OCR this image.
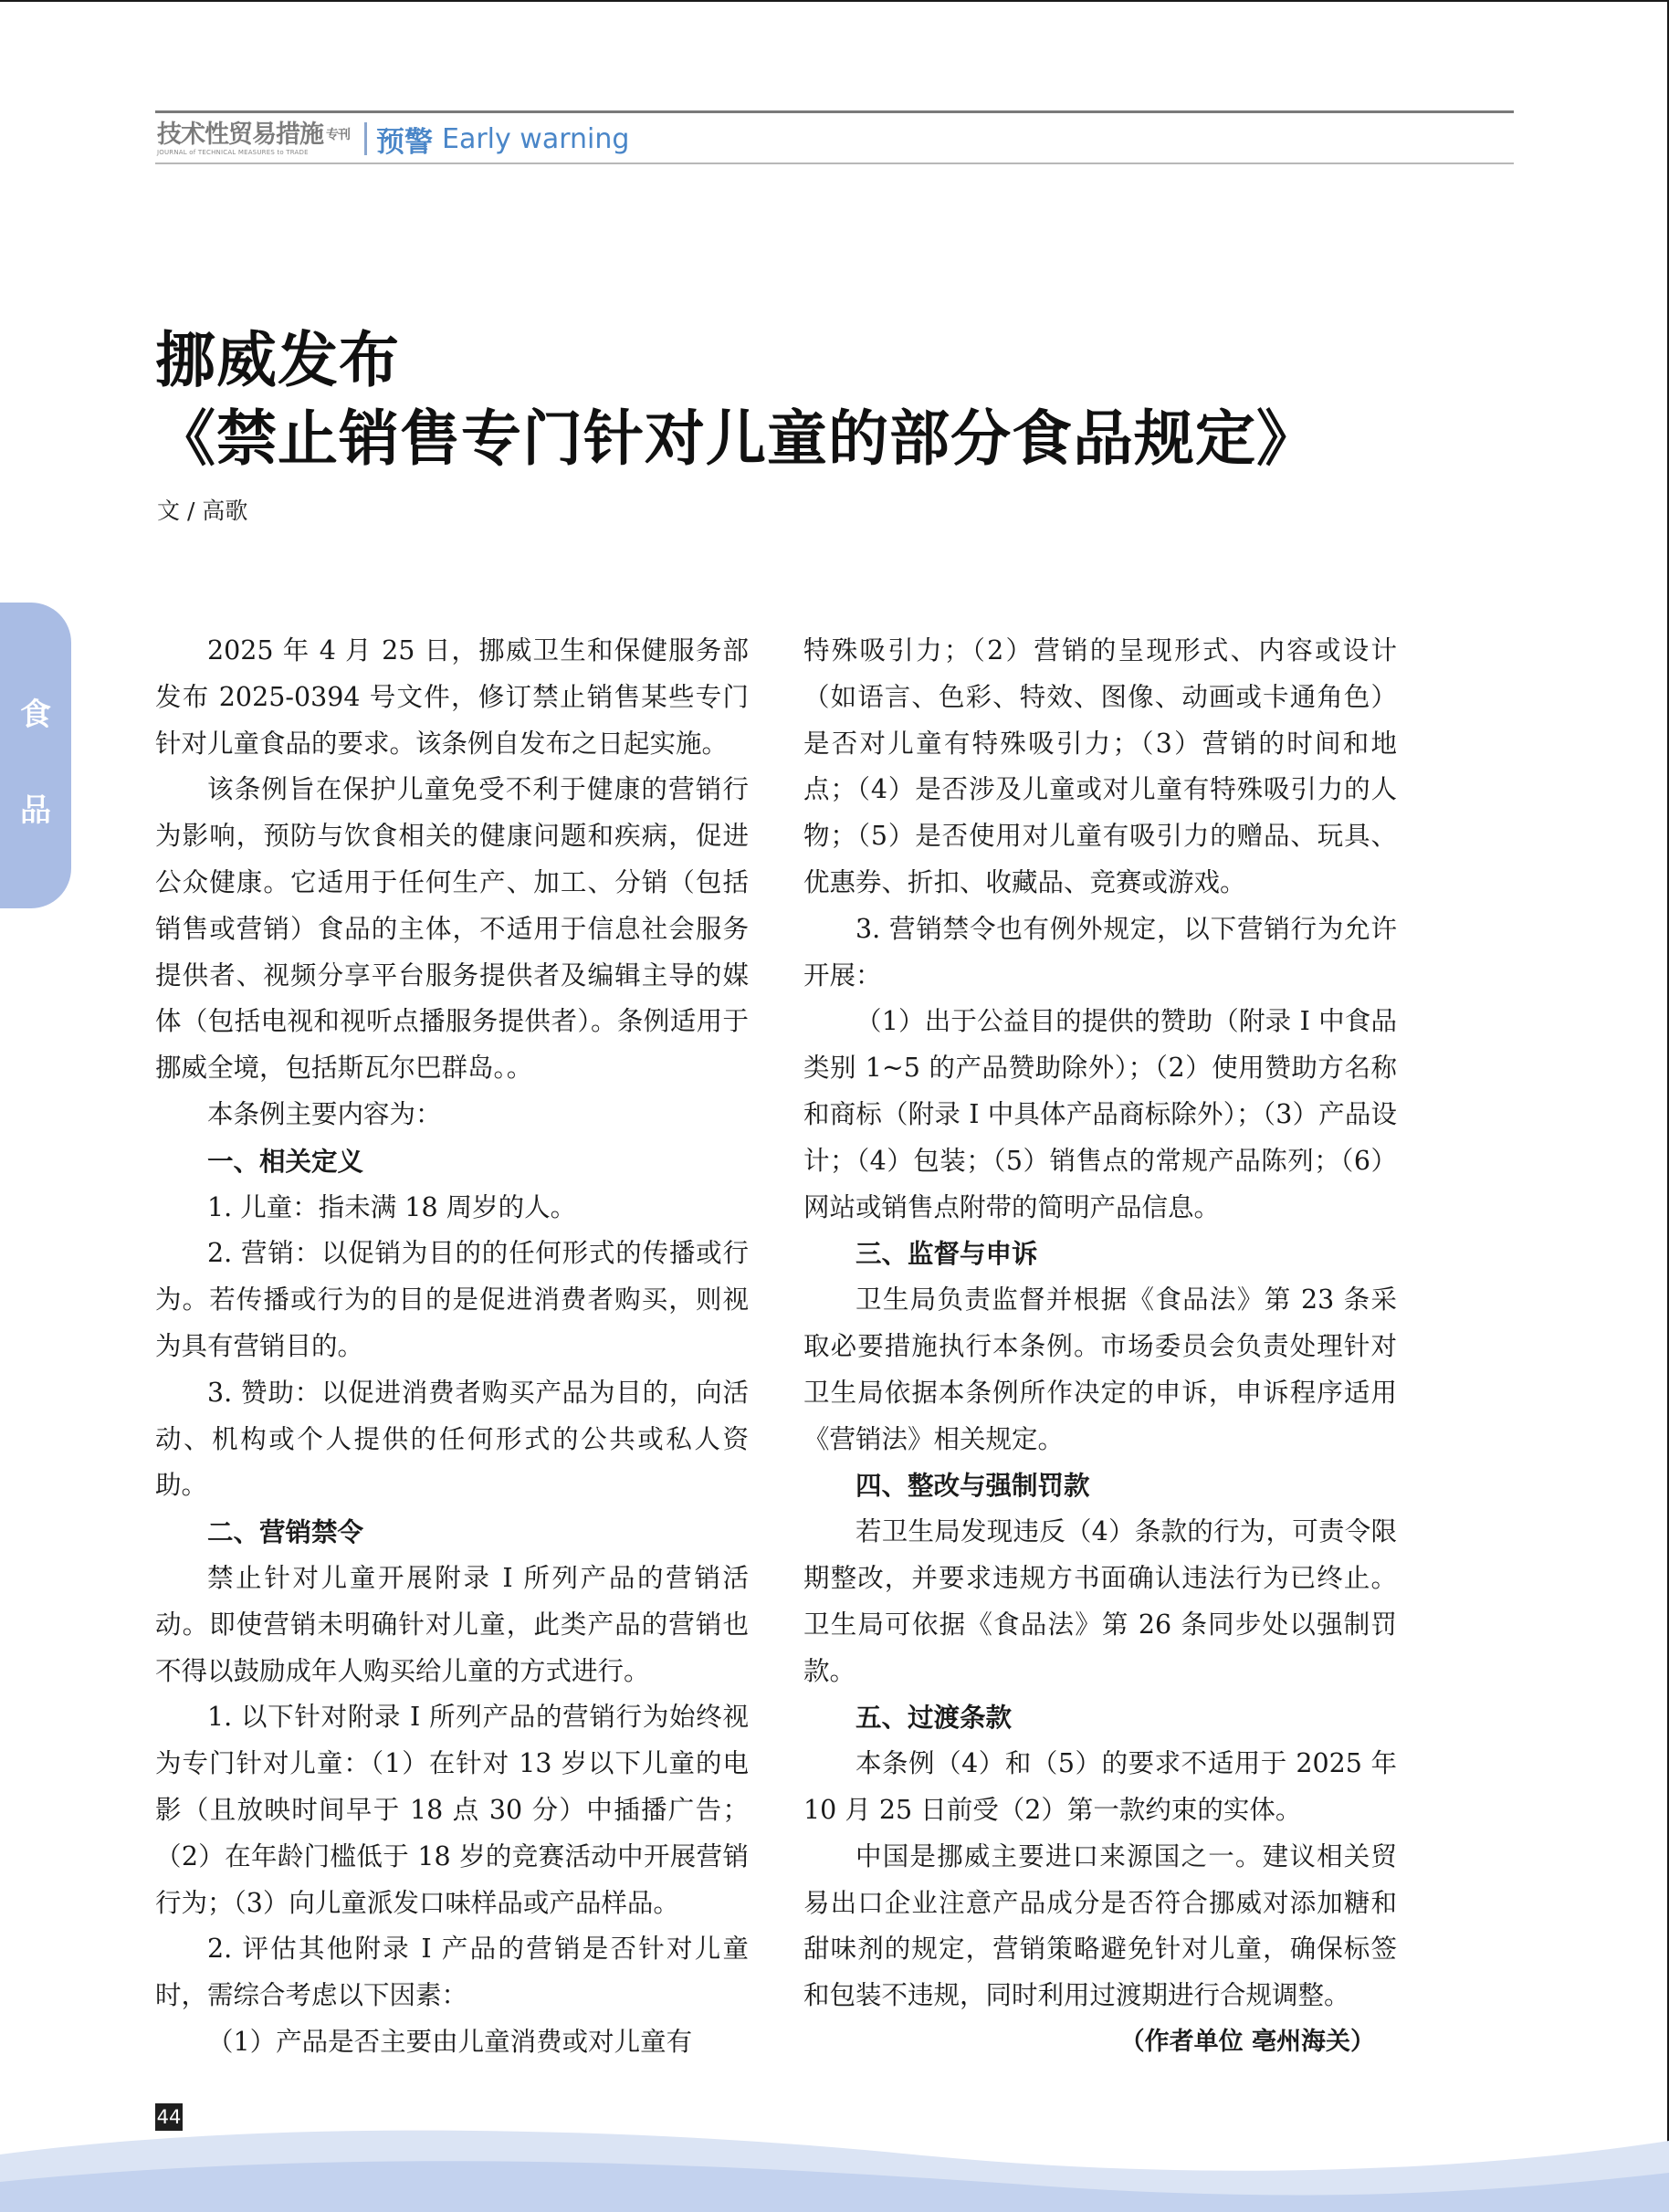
技术性贸易措施 $^{专刊}$
JOURNAL of TECHNICAL MEASURES to TRADE	预警 Early warning
挪威发布
《禁止销售专门针对儿童的部分食品规定》
文 / 高歌
食
品

2025 年 4 月 25 日，挪威卫生和保健服务部发布 2025-0394 号文件，修订禁止销售某些专门针对儿童食品的要求。该条例自发布之日起实施。

该条例旨在保护儿童免受不利于健康的营销行为影响，预防与饮食相关的健康问题和疾病，促进公众健康。它适用于任何生产、加工、分销（包括销售或营销）食品的主体，不适用于信息社会服务提供者、视频分享平台服务提供者及编辑主导的媒体（包括电视和视听点播服务提供者）。条例适用于挪威全境，包括斯瓦尔巴群岛。。

本条例主要内容为：

一、相关定义

1. 儿童：指未满 18 周岁的人。

2. 营销：以促销为目的的任何形式的传播或行为。若传播或行为的目的是促进消费者购买，则视为具有营销目的。

3. 赞助：以促进消费者购买产品为目的，向活动、机构或个人提供的任何形式的公共或私人资助。

二、营销禁令

禁止针对儿童开展附录 I 所列产品的营销活动。即使营销未明确针对儿童，此类产品的营销也不得以鼓励成年人购买给儿童的方式进行。

1. 以下针对附录 I 所列产品的营销行为始终视为专门针对儿童：（1）在针对 13 岁以下儿童的电影（且放映时间早于 18 点 30 分）中插播广告；（2）在年龄门槛低于 18 岁的竞赛活动中开展营销行为；（3）向儿童派发口味样品或产品样品。

2. 评估其他附录 I 产品的营销是否针对儿童时，需综合考虑以下因素：

（1）产品是否主要由儿童消费或对儿童有

特殊吸引力；（2）营销的呈现形式、内容或设计（如语言、色彩、特效、图像、动画或卡通角色）是否对儿童有特殊吸引力；（3）营销的时间和地点；（4）是否涉及儿童或对儿童有特殊吸引力的人物；（5）是否使用对儿童有吸引力的赠品、玩具、优惠券、折扣、收藏品、竞赛或游戏。

3. 营销禁令也有例外规定，以下营销行为允许开展：

（1）出于公益目的提供的赞助（附录 I 中食品类别 1~5 的产品赞助除外）；（2）使用赞助方名称和商标（附录 I 中具体产品商标除外）；（3）产品设计；（4）包装；（5）销售点的常规产品陈列；（6）网站或销售点附带的简明产品信息。

三、监督与申诉

卫生局负责监督并根据《食品法》第 23 条采取必要措施执行本条例。市场委员会负责处理针对卫生局依据本条例所作决定的申诉，申诉程序适用《营销法》相关规定。

四、整改与强制罚款

若卫生局发现违反（4）条款的行为，可责令限期整改，并要求违规方书面确认违法行为已终止。卫生局可依据《食品法》第 26 条同步处以强制罚款。

五、过渡条款

本条例（4）和（5）的要求不适用于 2025 年 10 月 25 日前受（2）第一款约束的实体。

中国是挪威主要进口来源国之一。建议相关贸易出口企业注意产品成分是否符合挪威对添加糖和甜味剂的规定，营销策略避免针对儿童，确保标签和包装不违规，同时利用过渡期进行合规调整。

（作者单位 亳州海关）

44
